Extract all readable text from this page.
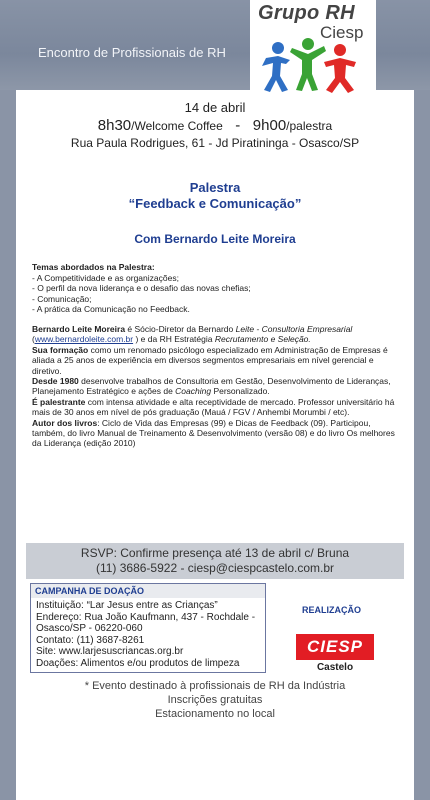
Encontro de Profissionais de RH
Grupo RH
Ciesp
14 de abril
8h30/Welcome Coffee - 9h00/palestra
Rua Paula Rodrigues, 61 - Jd Piratininga - Osasco/SP
Palestra
“Feedback e Comunicação”
Com Bernardo Leite Moreira
Temas abordados na Palestra:
- A Competitividade e as organizações;
- O perfil da nova liderança e o desafio das novas chefias;
- Comunicação;
- A prática da Comunicação no Feedback.
Bernardo Leite Moreira é Sócio-Diretor da Bernardo Leite - Consultoria Empresarial
(www.bernardoleite.com.br ) e da RH Estratégia Recrutamento e Seleção.
Sua formação como um renomado psicólogo especializado em Administração de Empresas é aliada a 25 anos de experiência em diversos segmentos empresariais em nível gerencial e diretivo.
Desde 1980 desenvolve trabalhos de Consultoria em Gestão, Desenvolvimento de Lideranças, Planejamento Estratégico e ações de Coaching Personalizado.
É palestrante com intensa atividade e alta receptividade de mercado. Professor universitário há mais de 30 anos em nível de pós graduação (Mauá / FGV / Anhembi Morumbi / etc).
Autor dos livros: Ciclo de Vida das Empresas (99) e Dicas de Feedback (09). Participou, também, do livro Manual de Treinamento & Desenvolvimento (versão 08) e do livro Os melhores da Liderança (edição 2010)
RSVP: Confirme presença até 13 de abril c/ Bruna
(11) 3686-5922 - ciesp@ciespcastelo.com.br
CAMPANHA DE DOAÇÃO
Instituição: “Lar Jesus entre as Crianças”
Endereço: Rua João Kaufmann, 437 - Rochdale - Osasco/SP - 06220-060
Contato: (11) 3687-8261
Site: www.larjesuscriancas.org.br
Doações: Alimentos e/ou produtos de limpeza
REALIZAÇÃO
CIESP
Castelo
* Evento destinado à profissionais de RH da Indústria
Inscrições gratuitas
Estacionamento no local
